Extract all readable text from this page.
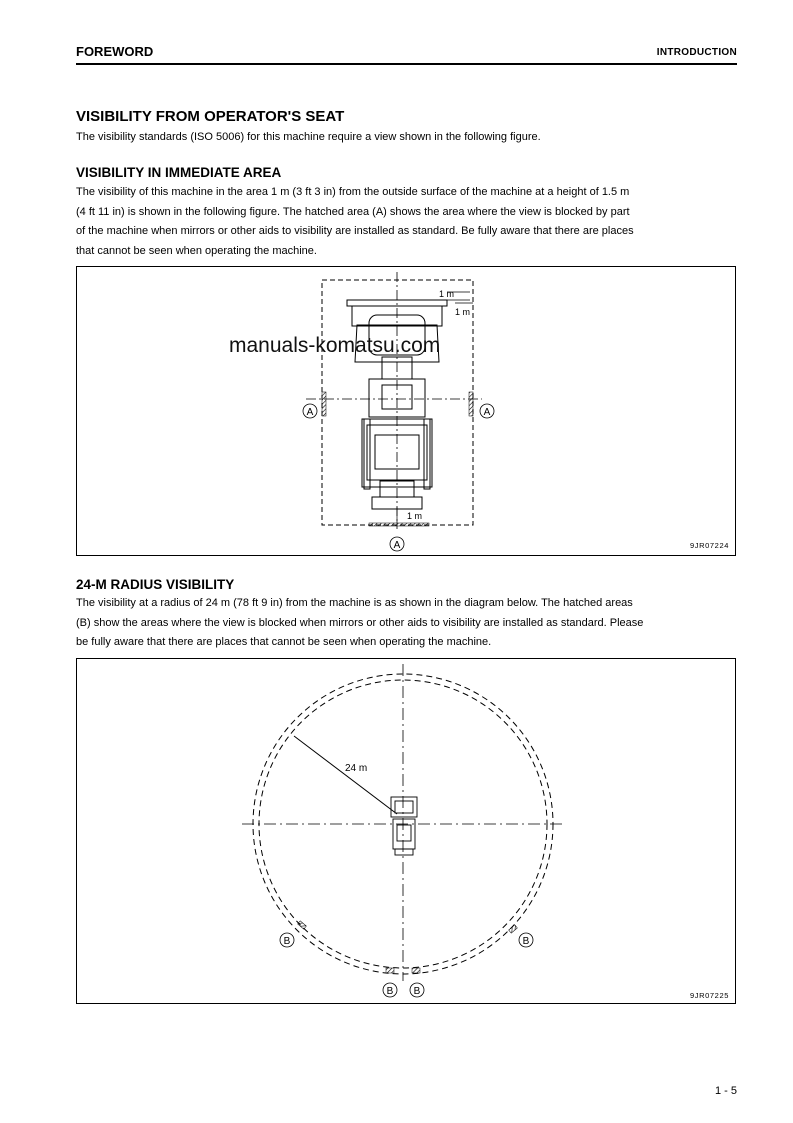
FOREWORD	INTRODUCTION
VISIBILITY FROM OPERATOR'S SEAT
The visibility standards (ISO 5006) for this machine require a view shown in the following figure.
VISIBILITY IN IMMEDIATE AREA
The visibility of this machine in the area 1 m (3 ft 3 in) from the outside surface of the machine at a height of 1.5 m
(4 ft 11 in) is shown in the following figure. The hatched area (A) shows the area where the view is blocked by part
of the machine when mirrors or other aids to visibility are installed as standard. Be fully aware that there are places
that cannot be seen when operating the machine.
1 m
1 m
1 m
A	A
A	9JR07224
manuals-komatsu.com
24-M RADIUS VISIBILITY
The visibility at a radius of 24 m (78 ft 9 in) from the machine is as shown in the diagram below. The hatched areas
(B) show the areas where the view is blocked when mirrors or other aids to visibility are installed as standard. Please
be fully aware that there are places that cannot be seen when operating the machine.
24 m
B	B
B B	9JR07225
1 - 5
